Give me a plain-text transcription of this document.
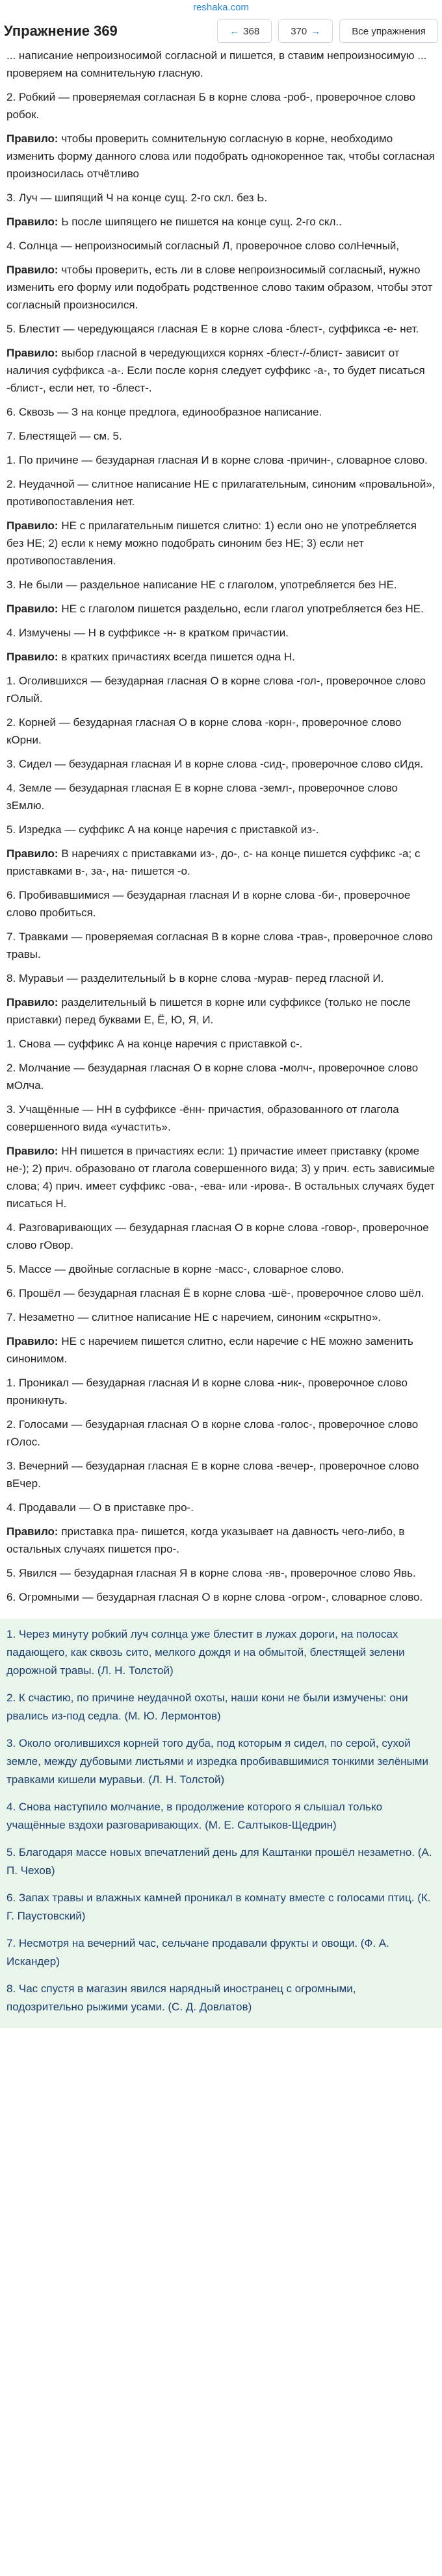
reshaka.com
Упражнение 369	← 368	370 →	Все упражнения

... написание непроизносимой согласной и пишется, в ставим непроизносимую ... проверяем на сомнительную гласную.

2. Робкий — проверяемая согласная Б в корне слова -роб-, проверочное слово робок.

Правило: чтобы проверить сомнительную согласную в корне, необходимо изменить форму данного слова или подобрать однокоренное так, чтобы согласная произносилась отчётливо

3. Луч — шипящий Ч на конце сущ. 2-го скл. без Ь.

Правило: Ь после шипящего не пишется на конце сущ. 2-го скл..

4. Солнца — непроизносимый согласный Л, проверочное слово солНечный,

Правило: чтобы проверить, есть ли в слове непроизносимый согласный, нужно изменить его форму или подобрать родственное слово таким образом, чтобы этот согласный произносился.

5. Блестит — чередующаяся гласная Е в корне слова -блест-, суффикса -е- нет.

Правило: выбор гласной в чередующихся корнях -блест-/-блист- зависит от наличия суффикса -а-. Если после корня следует суффикс -а-, то будет писаться -блист-, если нет, то -блест-.

6. Сквозь — З на конце предлога, единообразное написание.

7. Блестящей — см. 5.

1. По причине — безударная гласная И в корне слова -причин-, словарное слово.

2. Неудачной — слитное написание НЕ с прилагательным, синоним «провальной», противопоставления нет.

Правило: НЕ с прилагательным пишется слитно: 1) если оно не употребляется без НЕ; 2) если к нему можно подобрать синоним без НЕ; 3) если нет противопоставления.

3. Не были — раздельное написание НЕ с глаголом, употребляется без НЕ.

Правило: НЕ с глаголом пишется раздельно, если глагол употребляется без НЕ.

4. Измучены — Н в суффиксе -н- в кратком причастии.

Правило: в кратких причастиях всегда пишется одна Н.

1. Оголившихся — безударная гласная О в корне слова -гол-, проверочное слово гОлый.

2. Корней — безударная гласная О в корне слова -корн-, проверочное слово кОрни.

3. Сидел — безударная гласная И в корне слова -сид-, проверочное слово сИдя.

4. Земле — безударная гласная Е в корне слова -земл-, проверочное слово зЕмлю.

5. Изредка — суффикс А на конце наречия с приставкой из-.

Правило: В наречиях с приставками из-, до-, с- на конце пишется суффикс -а; с приставками в-, за-, на- пишется -о.

6. Пробивавшимися — безударная гласная И в корне слова -би-, проверочное слово пробиться.

7. Травками — проверяемая согласная В в корне слова -трав-, проверочное слово травы.

8. Муравьи — разделительный Ь в корне слова -мурав- перед гласной И.

Правило: разделительный Ь пишется в корне или суффиксе (только не после приставки) перед буквами Е, Ё, Ю, Я, И.

1. Снова — суффикс А на конце наречия с приставкой с-.

2. Молчание — безударная гласная О в корне слова -молч-, проверочное слово мОлча.

3. Учащённые — НН в суффиксе -ённ- причастия, образованного от глагола совершенного вида «участить».

Правило: НН пишется в причастиях если: 1) причастие имеет приставку (кроме не-); 2) прич. образовано от глагола совершенного вида; 3) у прич. есть зависимые слова; 4) прич. имеет суффикс -ова-, -ева- или -ирова-. В остальных случаях будет писаться Н.

4. Разговаривающих — безударная гласная О в корне слова -говор-, проверочное слово гОвор.

5. Массе — двойные согласные в корне -масс-, словарное слово.

6. Прошёл — безударная гласная Ё в корне слова -шё-, проверочное слово шёл.

7. Незаметно — слитное написание НЕ с наречием, синоним «скрытно».

Правило: НЕ с наречием пишется слитно, если наречие с НЕ можно заменить синонимом.

1. Проникал — безударная гласная И в корне слова -ник-, проверочное слово проникнуть.

2. Голосами — безударная гласная О в корне слова -голос-, проверочное слово гОлос.

3. Вечерний — безударная гласная Е в корне слова -вечер-, проверочное слово вЕчер.

4. Продавали — О в приставке про-.

Правило: приставка пра- пишется, когда указывает на давность чего-либо, в остальных случаях пишется про-.

5. Явился — безударная гласная Я в корне слова -яв-, проверочное слово Явь.

6. Огромными — безударная гласная О в корне слова -огром-, словарное слово.

1. Через минуту робкий луч солнца уже блестит в лужах дороги, на полосах падающего, как сквозь сито, мелкого дождя и на обмытой, блестящей зелени дорожной травы. (Л. Н. Толстой)

2. К счастию, по причине неудачной охоты, наши кони не были измучены: они рвались из-под седла. (М. Ю. Лермонтов)

3. Около оголившихся корней того дуба, под которым я сидел, по серой, сухой земле, между дубовыми листьями и изредка пробивавшимися тонкими зелёными травками кишели муравьи. (Л. Н. Толстой)

4. Снова наступило молчание, в продолжение которого я слышал только учащённые вздохи разговаривающих. (М. Е. Салтыков-Щедрин)

5. Благодаря массе новых впечатлений день для Каштанки прошёл незаметно. (А. П. Чехов)

6. Запах травы и влажных камней проникал в комнату вместе с голосами птиц. (К. Г. Паустовский)

7. Несмотря на вечерний час, сельчане продавали фрукты и овощи. (Ф. А. Искандер)

8. Час спустя в магазин явился нарядный иностранец с огромными, подозрительно рыжими усами. (С. Д. Довлатов)
